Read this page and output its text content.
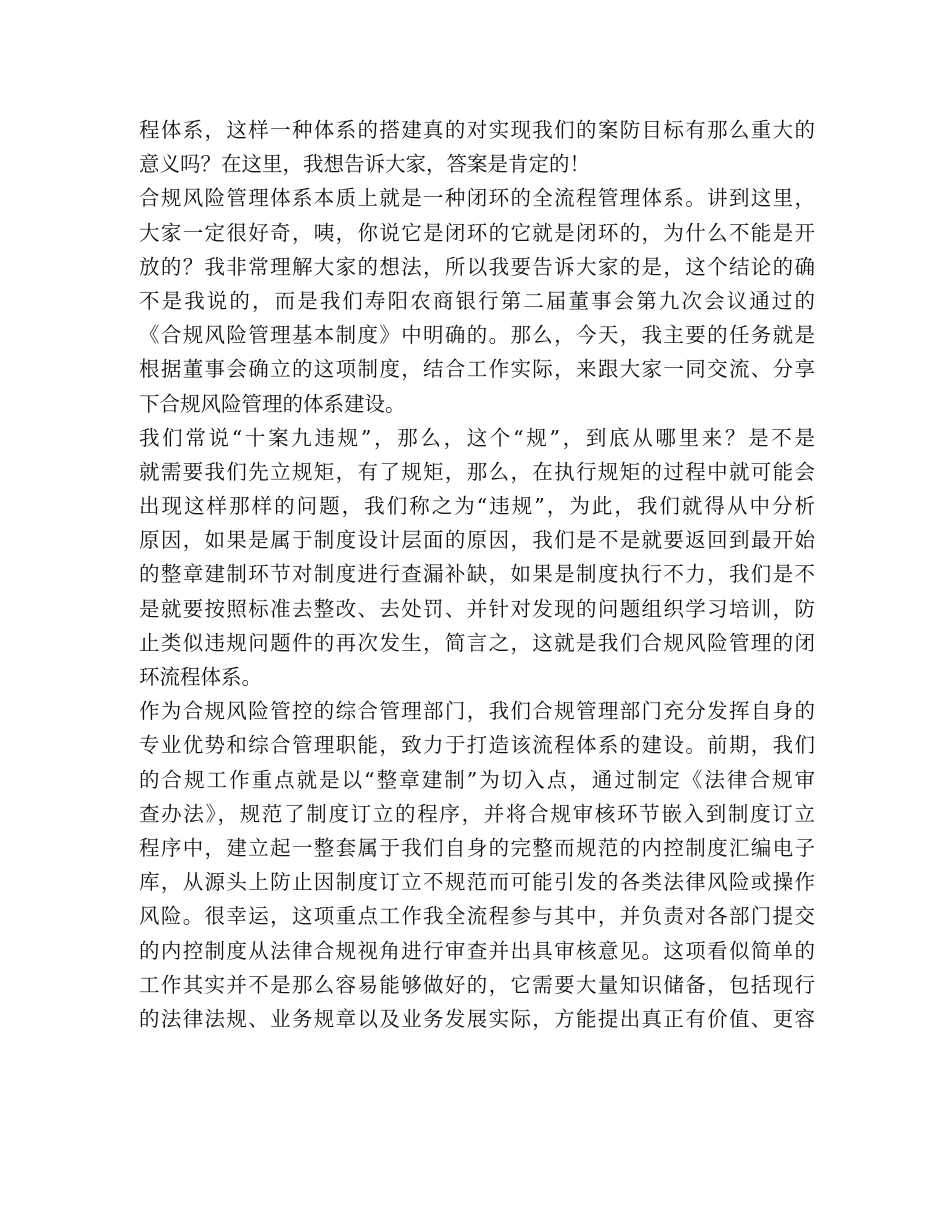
程体系，这样一种体系的搭建真的对实现我们的案防目标有那么重大的
意义吗？在这里，我想告诉大家，答案是肯定的！
合规风险管理体系本质上就是一种闭环的全流程管理体系。讲到这里，
大家一定很好奇，咦，你说它是闭环的它就是闭环的，为什么不能是开
放的？我非常理解大家的想法，所以我要告诉大家的是，这个结论的确
不是我说的，而是我们寿阳农商银行第二届董事会第九次会议通过的
《合规风险管理基本制度》中明确的。那么，今天，我主要的任务就是
根据董事会确立的这项制度，结合工作实际，来跟大家一同交流、分享
下合规风险管理的体系建设。
我们常说“十案九违规”，那么，这个“规”，到底从哪里来？是不是
就需要我们先立规矩，有了规矩，那么，在执行规矩的过程中就可能会
出现这样那样的问题，我们称之为“违规”，为此，我们就得从中分析
原因，如果是属于制度设计层面的原因，我们是不是就要返回到最开始
的整章建制环节对制度进行查漏补缺，如果是制度执行不力，我们是不
是就要按照标准去整改、去处罚、并针对发现的问题组织学习培训，防
止类似违规问题件的再次发生，简言之，这就是我们合规风险管理的闭
环流程体系。
作为合规风险管控的综合管理部门，我们合规管理部门充分发挥自身的
专业优势和综合管理职能，致力于打造该流程体系的建设。前期，我们
的合规工作重点就是以“整章建制”为切入点，通过制定《法律合规审
查办法》，规范了制度订立的程序，并将合规审核环节嵌入到制度订立
程序中，建立起一整套属于我们自身的完整而规范的内控制度汇编电子
库，从源头上防止因制度订立不规范而可能引发的各类法律风险或操作
风险。很幸运，这项重点工作我全流程参与其中，并负责对各部门提交
的内控制度从法律合规视角进行审查并出具审核意见。这项看似简单的
工作其实并不是那么容易能够做好的，它需要大量知识储备，包括现行
的法律法规、业务规章以及业务发展实际，方能提出真正有价值、更容
